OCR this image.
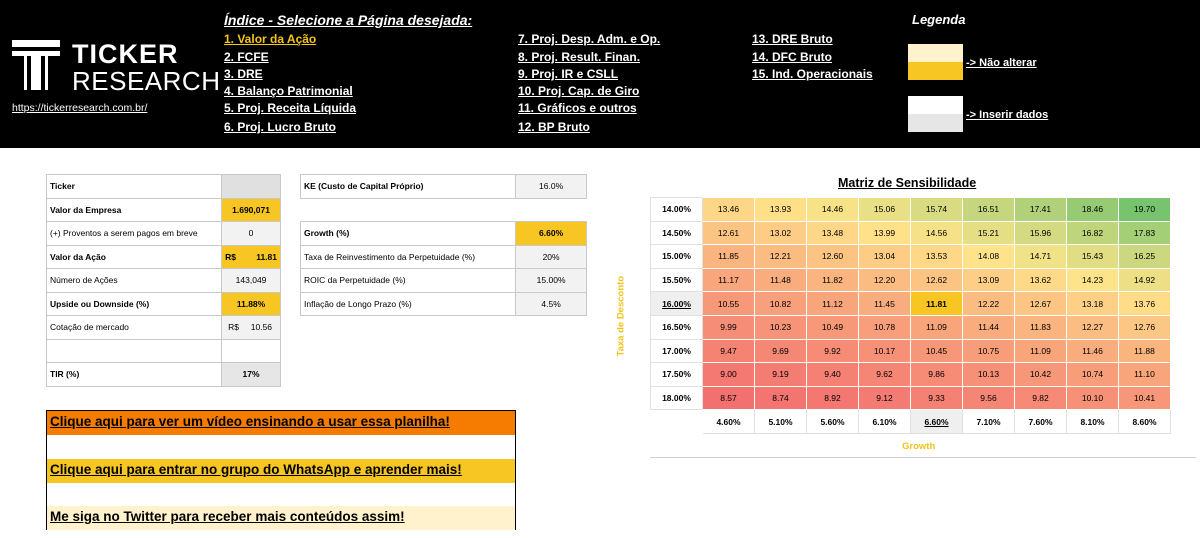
TICKER
RESEARCH
https://tickerresearch.com.br/
Índice - Selecione a Página desejada:
1. Valor da Ação
2. FCFE
3. DRE
4. Balanço Patrimonial
5. Proj. Receita Líquida
6. Proj. Lucro Bruto
7. Proj. Desp. Adm. e Op.
8. Proj. Result. Finan.
9. Proj. IR e CSLL
10. Proj. Cap. de Giro
11. Gráficos e outros
12. BP Bruto
13. DRE Bruto
14. DFC Bruto
15. Ind. Operacionais
Legenda
-> Não alterar
-> Inserir dados
Ticker	
Valor da Empresa	1.690,071
(+) Proventos a serem pagos em breve	0
Valor da Ação	R$ 11.81

Número de Ações	143,049
Upside ou Downside (%)	11.88%
Cotação de mercado	R$ 10.56

TIR (%)	17%
KE (Custo de Capital Próprio)	16.0%
Growth (%)	6.60%
Taxa de Reinvestimento da Perpetuidade (%)	20%
ROIC da Perpetuidade (%)	15.00%
Inflação de Longo Prazo (%)	4.5%
Clique aqui para ver um vídeo ensinando a usar essa planilha!
Clique aqui para entrar no grupo do WhatsApp e aprender mais!
Me siga no Twitter para receber mais conteúdos assim!
Matriz de Sensibilidade
Taxa de Desconto
14.00%	13.46	13.93	14.46	15.06	15.74	16.51	17.41	18.46	19.70
14.50%	12.61	13.02	13.48	13.99	14.56	15.21	15.96	16.82	17.83
15.00%	11.85	12.21	12.60	13.04	13.53	14.08	14.71	15.43	16.25
15.50%	11.17	11.48	11.82	12.20	12.62	13.09	13.62	14.23	14.92
16.00%	10.55	10.82	11.12	11.45	11.81	12.22	12.67	13.18	13.76
16.50%	9.99	10.23	10.49	10.78	11.09	11.44	11.83	12.27	12.76
17.00%	9.47	9.69	9.92	10.17	10.45	10.75	11.09	11.46	11.88
17.50%	9.00	9.19	9.40	9.62	9.86	10.13	10.42	10.74	11.10
18.00%	8.57	8.74	8.92	9.12	9.33	9.56	9.82	10.10	10.41
	4.60%	5.10%	5.60%	6.10%	6.60%	7.10%	7.60%	8.10%	8.60%
Growth
